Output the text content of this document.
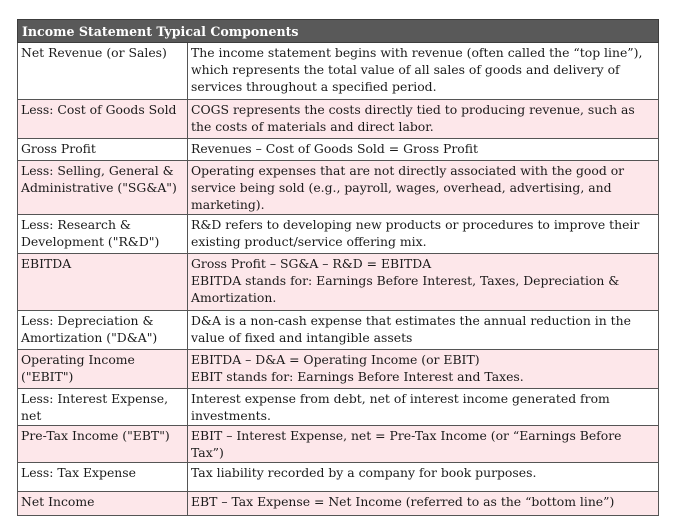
Income Statement Typical Components	
Net Revenue (or Sales)	The income statement begins with revenue (often called the “top line”), which represents the total value of all sales of goods and delivery of services throughout a specified period.

Less: Cost of Goods Sold	COGS represents the costs directly tied to producing revenue, such as the costs of materials and direct labor.

Gross Profit	Revenues – Cost of Goods Sold = Gross Profit

Less: Selling, General & Administrative ("SG&A")	Operating expenses that are not directly associated with the good or service being sold (e.g., payroll, wages, overhead, advertising, and marketing).

Less: Research & Development ("R&D")	R&D refers to developing new products or procedures to improve their existing product/service offering mix.

EBITDA	Gross Profit – SG&A – R&D = EBITDA
EBITDA stands for: Earnings Before Interest, Taxes, Depreciation & Amortization.

Less: Depreciation & Amortization ("D&A")	D&A is a non-cash expense that estimates the annual reduction in the value of fixed and intangible assets

Operating Income ("EBIT")	EBITDA – D&A = Operating Income (or EBIT)
EBIT stands for: Earnings Before Interest and Taxes.

Less: Interest Expense, net	Interest expense from debt, net of interest income generated from investments.

Pre-Tax Income ("EBT")	EBIT – Interest Expense, net = Pre-Tax Income (or “Earnings Before Tax”)

Less: Tax Expense	Tax liability recorded by a company for book purposes.

Net Income	EBT – Tax Expense = Net Income (referred to as the “bottom line”)
